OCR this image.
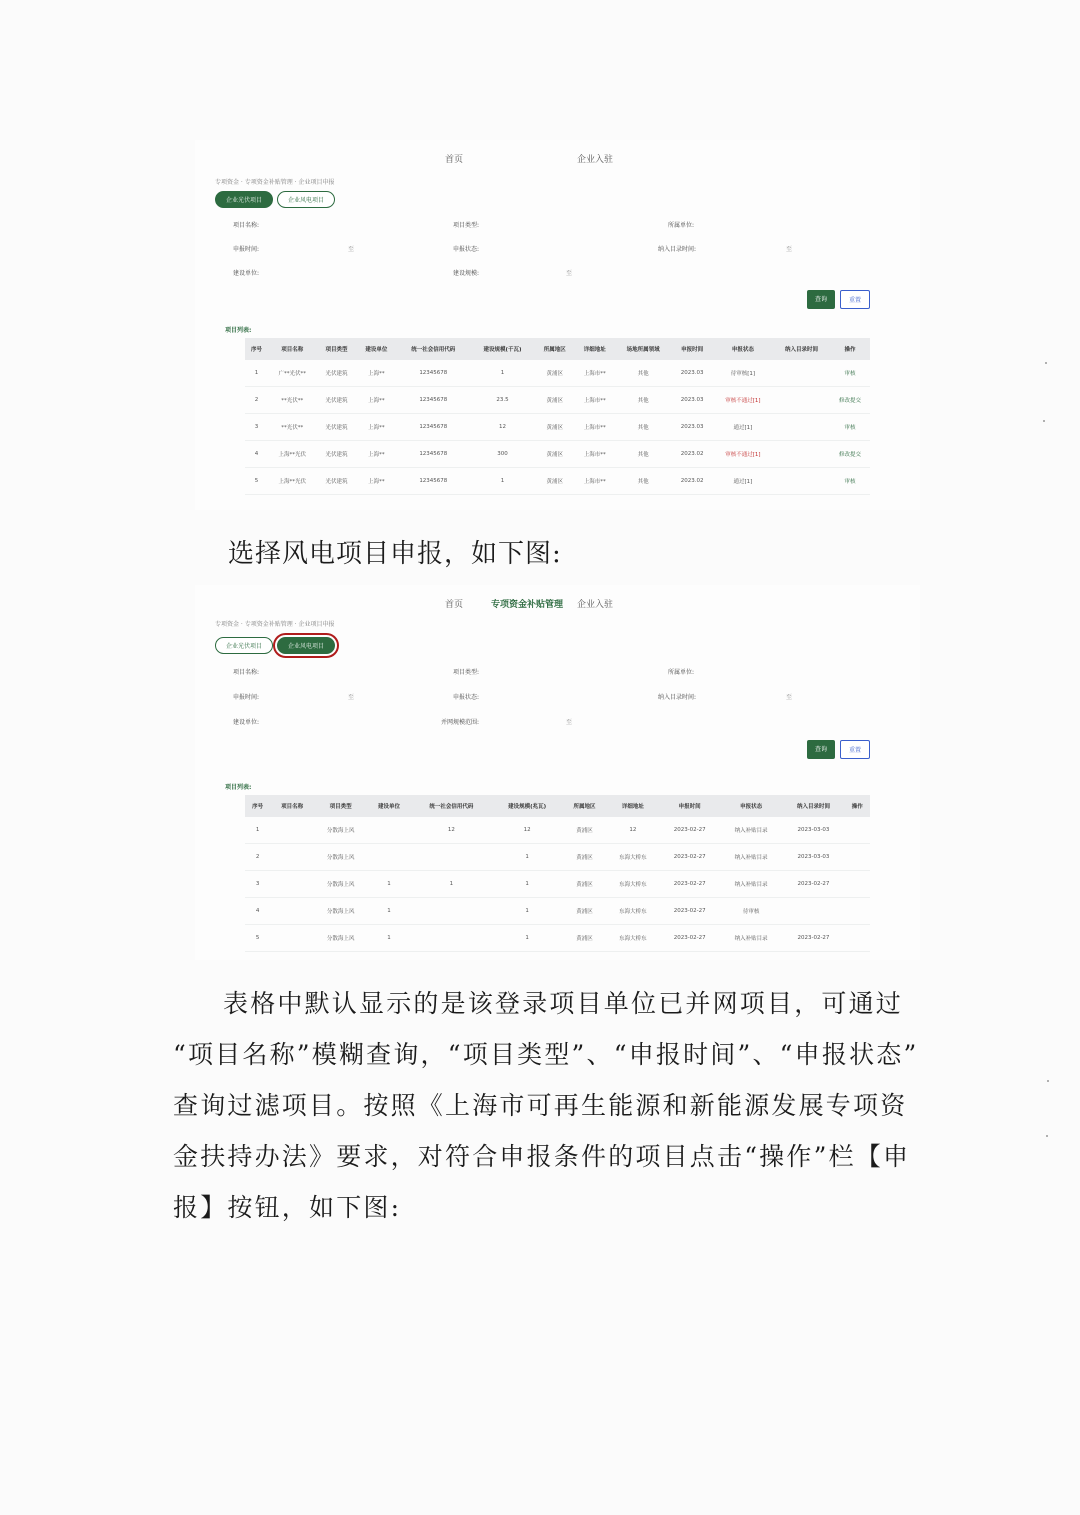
首页	企业入驻
专项资金 · 专项资金补贴管理 · 企业项目申报
企业光伏项目	企业风电项目
项目名称:	项目类型:	所属单位:
申报时间:	至	申报状态:	纳入目录时间:	至
建设单位:	建设规模:	至
查询	重置
项目列表:
序号	项目名称	项目类型	建设单位	统一社会信用代码	建设规模(千瓦)	所属地区	详细地址	场地所属领域	申报时间	申报状态	纳入目录时间	操作
1	广**光伏**	光伏建筑	上海**	12345678	1	黄浦区	上海市**	其他	2023.03	待审核[1]		审核
2	**光伏**	光伏建筑	上海**	12345678	23.5	黄浦区	上海市**	其他	2023.03	审核不通过[1]		修改提交
3	**光伏**	光伏建筑	上海**	12345678	12	黄浦区	上海市**	其他	2023.03	通过[1]		审核
4	上海**光伏	光伏建筑	上海**	12345678	300	黄浦区	上海市**	其他	2023.02	审核不通过[1]		修改提交
5	上海**光伏	光伏建筑	上海**	12345678	1	黄浦区	上海市**	其他	2023.02	通过[1]		审核
选择风电项目申报，如下图:
首页	专项资金补贴管理 企业入驻
专项资金 · 专项资金补贴管理 · 企业项目申报
企业光伏项目	企业风电项目
项目名称:	项目类型:	所属单位:
申报时间:	至	申报状态:	纳入目录时间:	至
建设单位:	并网规模范围:	至
查询	重置
项目列表:
序号	项目名称	项目类型	建设单位	统一社会信用代码	建设规模(兆瓦)	所属地区	详细地址	申报时间	申报状态	纳入目录时间	操作
1		分散海上风		12	12	黄浦区	12	2023-02-27	纳入补贴目录	2023-03-03	
2		分散海上风			1	黄浦区	东海大桥东	2023-02-27	纳入补贴目录	2023-03-03	
3		分散海上风	1	1	1	黄浦区	东海大桥东	2023-02-27	纳入补贴目录	2023-02-27	
4		分散海上风	1		1	黄浦区	东海大桥东	2023-02-27	待审核		
5		分散海上风	1		1	黄浦区	东海大桥东	2023-02-27	纳入补贴目录	2023-02-27	

表格中默认显示的是该登录项目单位已并网项目，可通过

“项目名称”模糊查询，“项目类型”、“申报时间”、“申报状态”

查询过滤项目。按照《上海市可再生能源和新能源发展专项资

金扶持办法》要求，对符合申报条件的项目点击“操作”栏【申

报】按钮，如下图:
